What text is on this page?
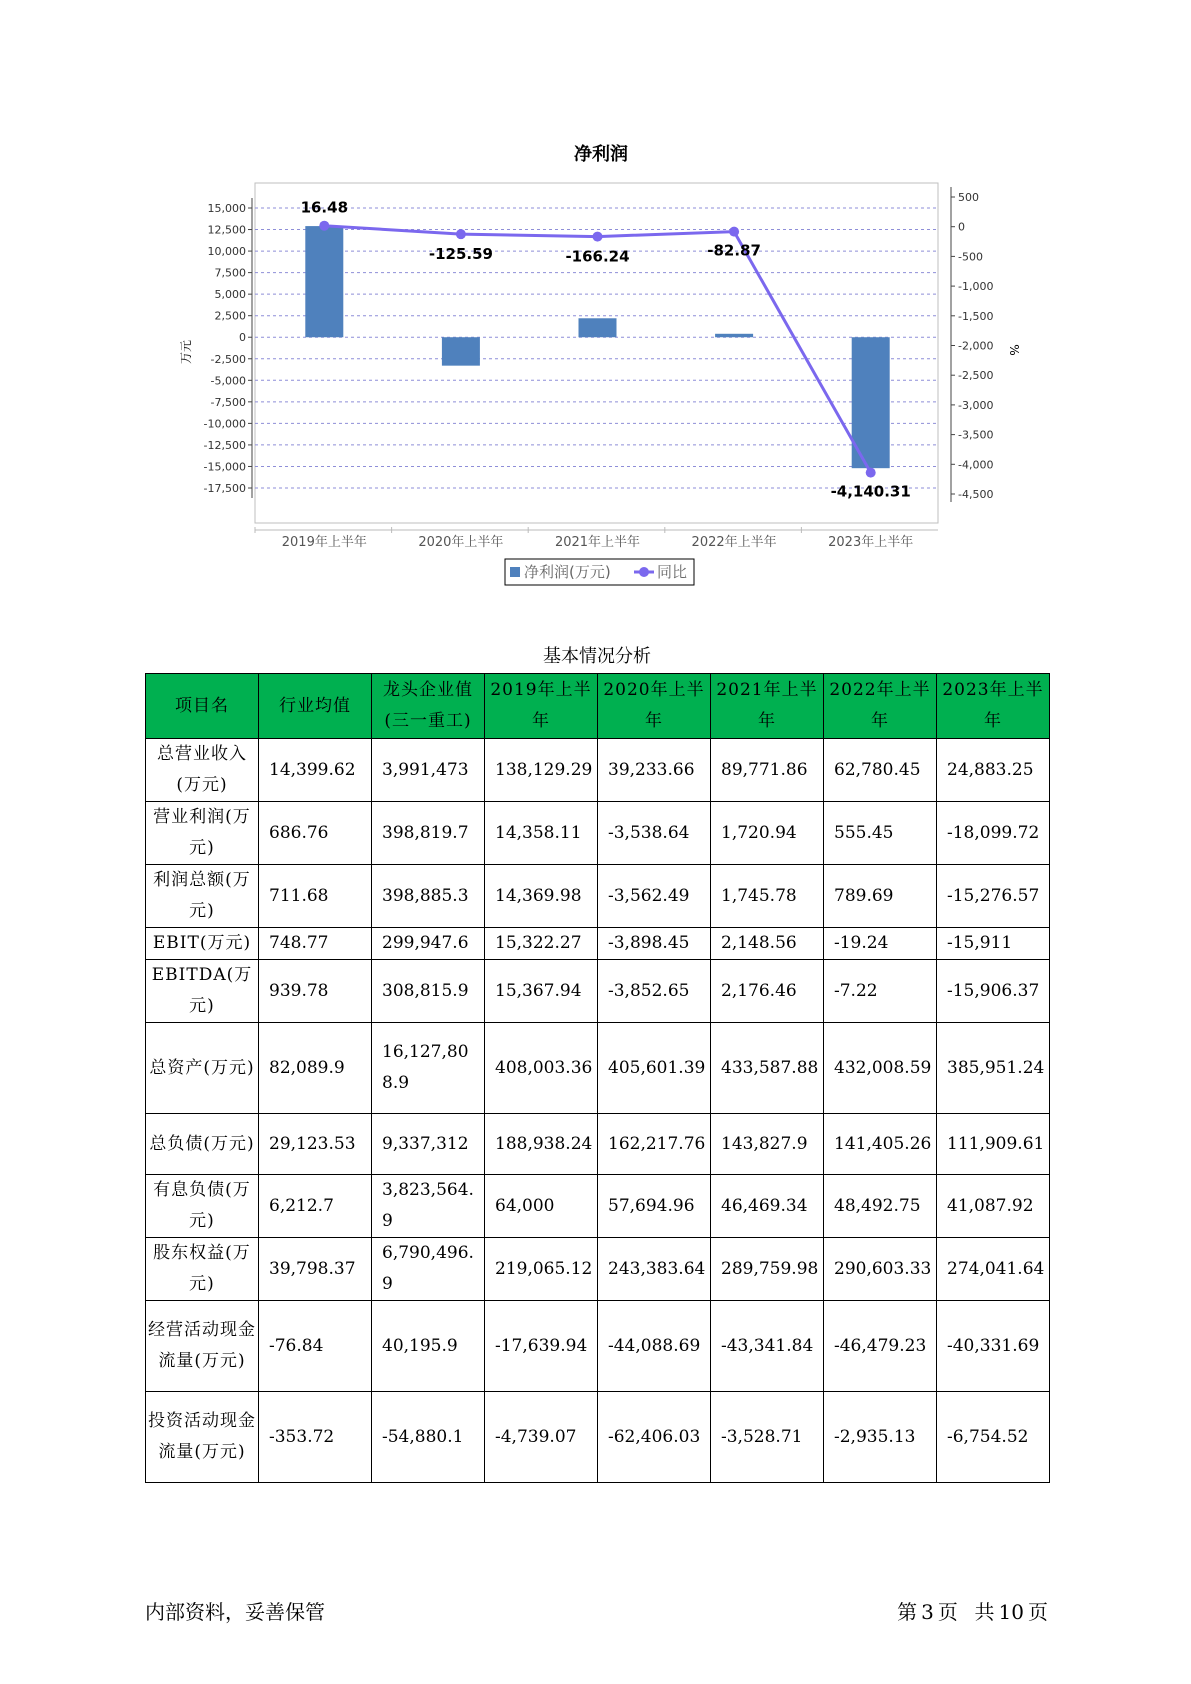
净利润
15,000
12,500
10,000
7,500
5,000
2,500
0
-2,500
-5,000
-7,500
-10,000
-12,500
-15,000
-17,500
500
0
-500
-1,000
-1,500
-2,000
-2,500
-3,000
-3,500
-4,000
-4,500
万元	%
16.48
-125.59	-166.24	-82.87
-4,140.31
2019年上半年	2020年上半年	2021年上半年	2022年上半年	2023年上半年
净利润(万元)	同比
基本情况分析
项目名	行业均值	龙头企业值(三一重工)	2019年上半年	2020年上半年	2021年上半年	2022年上半年	2023年上半年
总营业收入(万元)	14,399.62	3,991,473	138,129.29	39,233.66	89,771.86	62,780.45	24,883.25
营业利润(万元)	686.76	398,819.7	14,358.11	-3,538.64	1,720.94	555.45	-18,099.72
利润总额(万元)	711.68	398,885.3	14,369.98	-3,562.49	1,745.78	789.69	-15,276.57
EBIT(万元)	748.77	299,947.6	15,322.27	-3,898.45	2,148.56	-19.24	-15,911
EBITDA(万元)	939.78	308,815.9	15,367.94	-3,852.65	2,176.46	-7.22	-15,906.37
总资产(万元)	82,089.9	16,127,808.9	408,003.36	405,601.39	433,587.88	432,008.59	385,951.24
总负债(万元)	29,123.53	9,337,312	188,938.24	162,217.76	143,827.9	141,405.26	111,909.61
有息负债(万元)	6,212.7	3,823,564.9	64,000	57,694.96	46,469.34	48,492.75	41,087.92
股东权益(万元)	39,798.37	6,790,496.9	219,065.12	243,383.64	289,759.98	290,603.33	274,041.64
经营活动现金流量(万元)	-76.84	40,195.9	-17,639.94	-44,088.69	-43,341.84	-46,479.23	-40,331.69
投资活动现金流量(万元)	-353.72	-54,880.1	-4,739.07	-62,406.03	-3,528.71	-2,935.13	-6,754.52
内部资料，妥善保管	第 3 页 共 10 页
